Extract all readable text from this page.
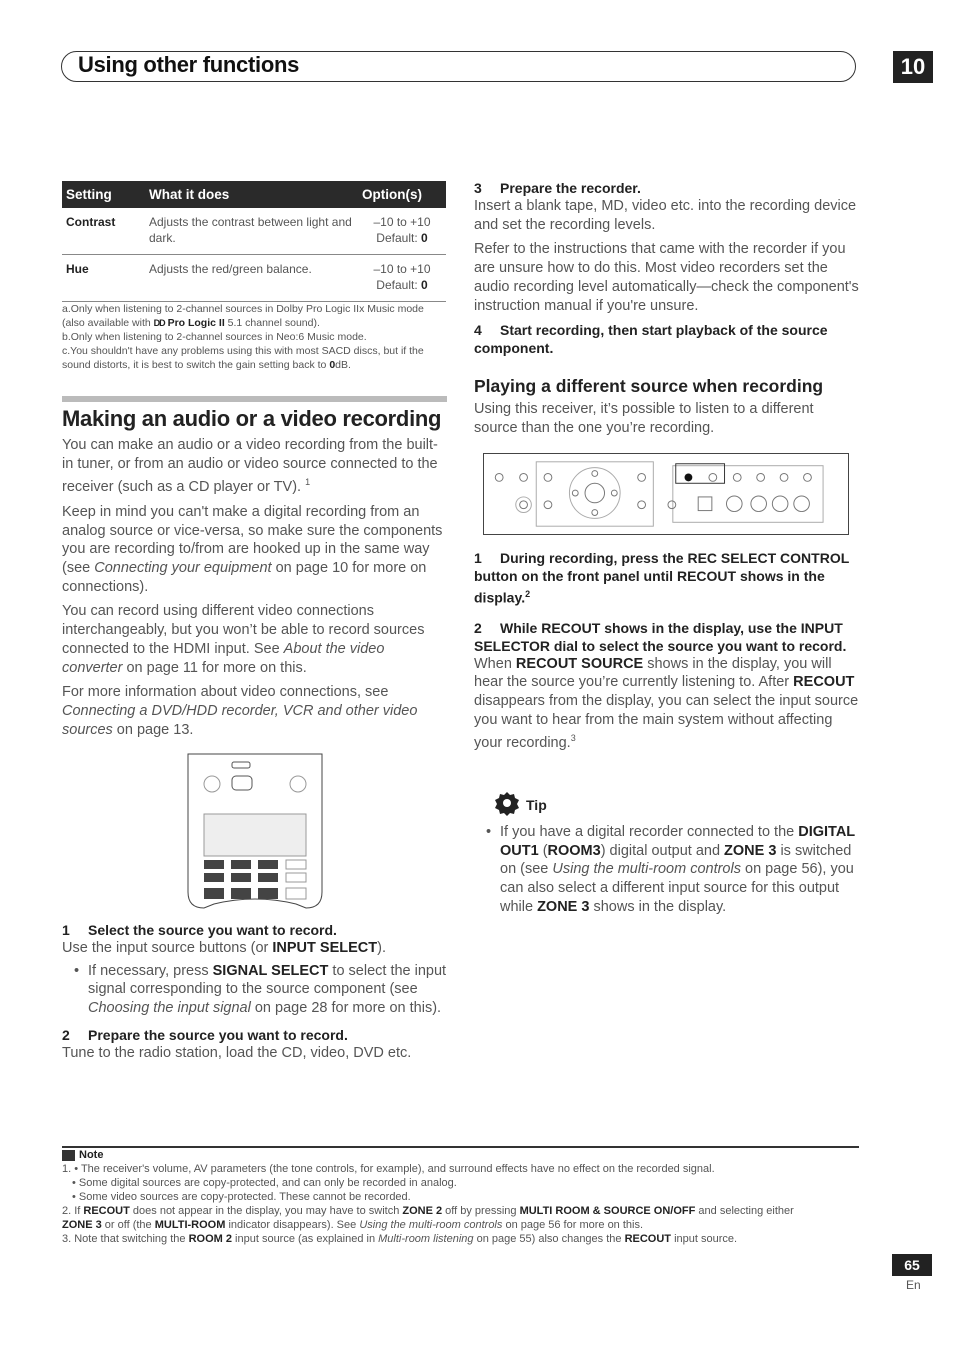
Using other functions	10
Setting	What it does	Option(s)
Contrast	Adjusts the contrast between light and dark.	–10 to +10
Default: 0
Hue	Adjusts the red/green balance.	–10 to +10
Default: 0

a.Only when listening to 2-channel sources in Dolby Pro Logic IIx Music mode (also available with DD Pro Logic II 5.1 channel sound).

b.Only when listening to 2-channel sources in Neo:6 Music mode.

c.You shouldn't have any problems using this with most SACD discs, but if the sound distorts, it is best to switch the gain setting back to 0dB.

Making an audio or a video recording

You can make an audio or a video recording from the built-in tuner, or from an audio or video source connected to the receiver (such as a CD player or TV). $^1$

Keep in mind you can't make a digital recording from an analog source or vice-versa, so make sure the components you are recording to/from are hooked up in the same way (see Connecting your equipment on page 10 for more on connections).

You can record using different video connections interchangeably, but you won’t be able to record sources connected to the HDMI input. See About the video converter on page 11 for more on this.

For more information about video connections, see Connecting a DVD/HDD recorder, VCR and other video sources on page 13.

1 Select the source you want to record.
Use the input source buttons (or INPUT SELECT).
• If necessary, press SIGNAL SELECT to select the input signal corresponding to the source component (see Choosing the input signal on page 28 for more on this).
2 Prepare the source you want to record.
Tune to the radio station, load the CD, video, DVD etc.
3 Prepare the recorder.

Insert a blank tape, MD, video etc. into the recording device and set the recording levels.

Refer to the instructions that came with the recorder if you are unsure how to do this. Most video recorders set the audio recording level automatically—check the component's instruction manual if you're unsure.

4 Start recording, then start playback of the source component.
Playing a different source when recording
Using this receiver, it’s possible to listen to a different source than the one you’re recording.
1 During recording, press the REC SELECT CONTROL button on the front panel until RECOUT shows in the display.$^2$
2 While RECOUT shows in the display, use the INPUT SELECTOR dial to select the source you want to record.
When RECOUT SOURCE shows in the display, you will hear the source you’re currently listening to. After RECOUT disappears from the display, you can select the input source you want to hear from the main system without affecting your recording.$^3$
Tip
• If you have a digital recorder connected to the DIGITAL OUT1 (ROOM3) digital output and ZONE 3 is switched on (see Using the multi-room controls on page 56), you can also select a different input source for this output while ZONE 3 shows in the display.

Note

1. • The receiver's volume, AV parameters (the tone controls, for example), and surround effects have no effect on the recorded signal.

• Some digital sources are copy-protected, and can only be recorded in analog.

• Some video sources are copy-protected. These cannot be recorded.

2. If RECOUT does not appear in the display, you may have to switch ZONE 2 off by pressing MULTI ROOM & SOURCE ON/OFF and selecting either
ZONE 3 or off (the MULTI-ROOM indicator disappears). See Using the multi-room controls on page 56 for more on this.

3. Note that switching the ROOM 2 input source (as explained in Multi-room listening on page 55) also changes the RECOUT input source.

65
En
